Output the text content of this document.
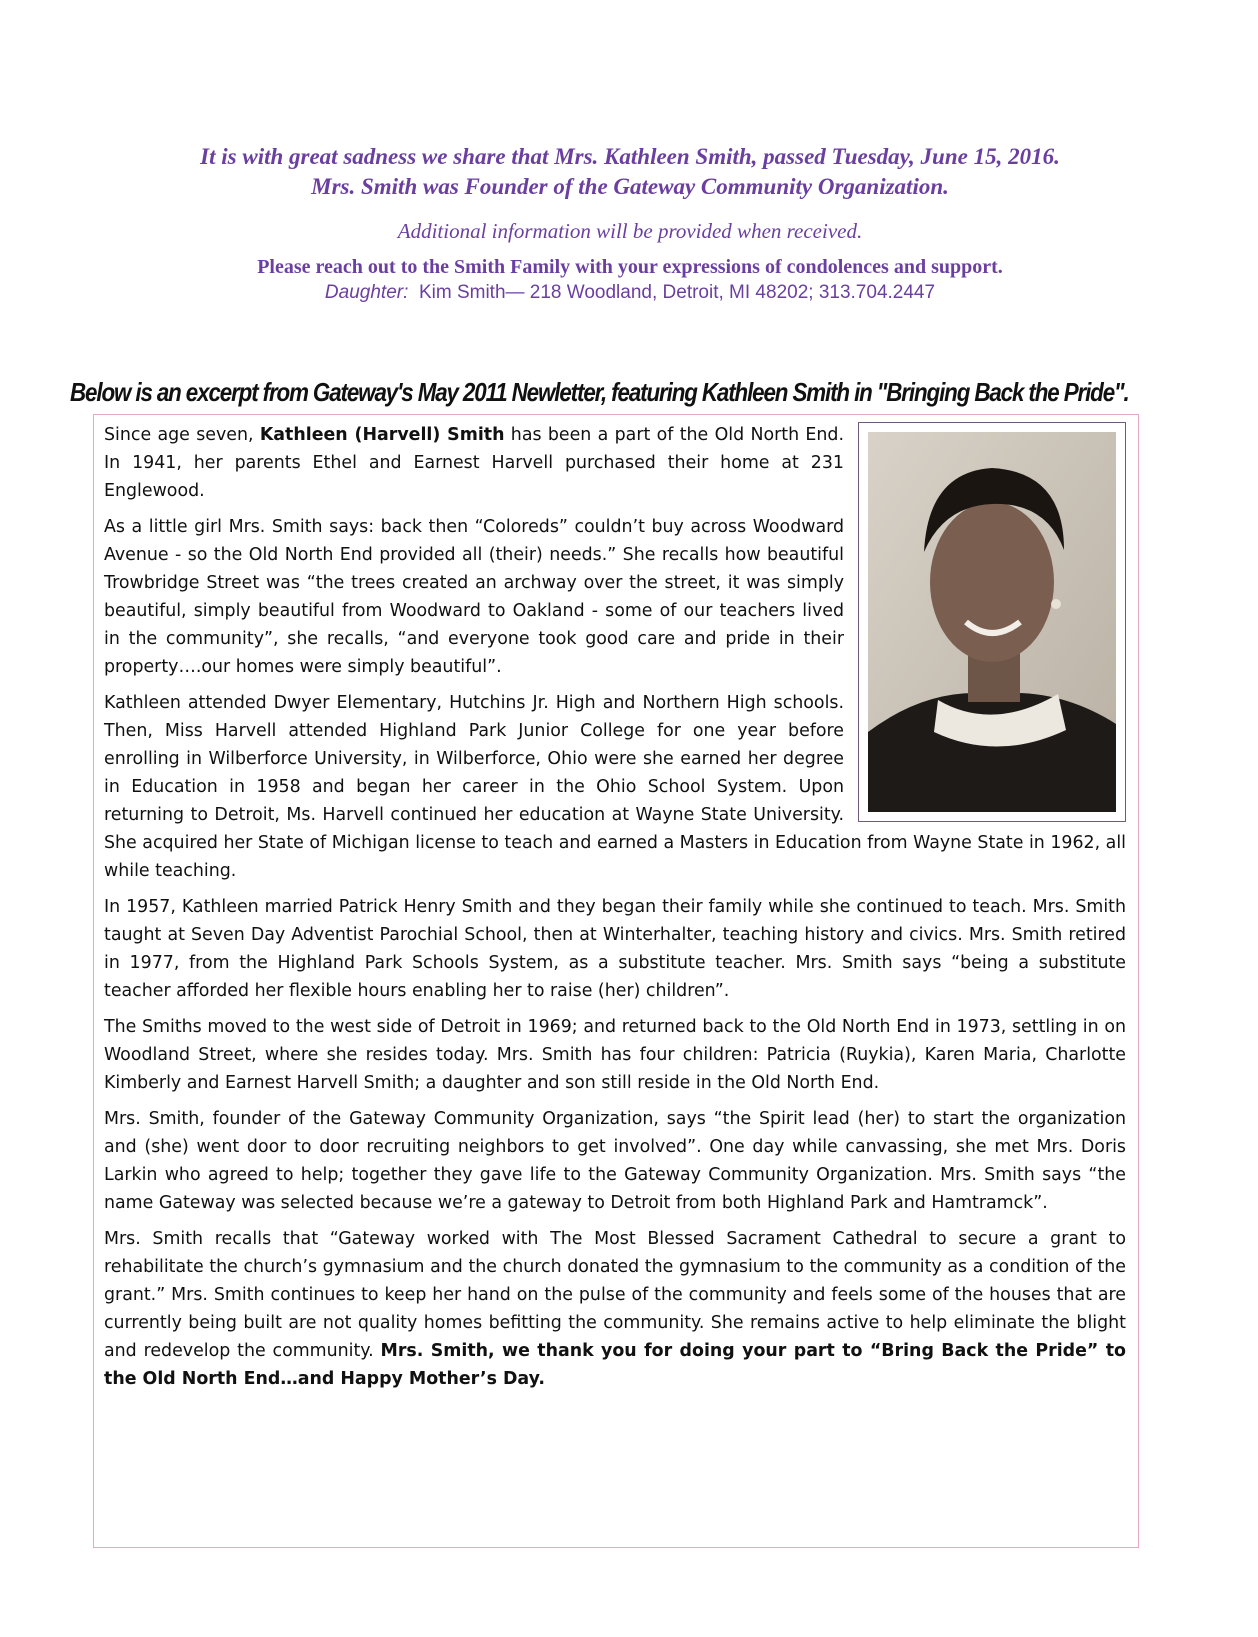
It is with great sadness we share that Mrs. Kathleen Smith, passed Tuesday, June 15, 2016.
Mrs. Smith was Founder of the Gateway Community Organization.
Additional information will be provided when received.
Please reach out to the Smith Family with your expressions of condolences and support.
Daughter: Kim Smith— 218 Woodland, Detroit, MI 48202; 313.704.2447
Below is an excerpt from Gateway's May 2011 Newletter, featuring Kathleen Smith in "Bringing Back the Pride".

Since age seven, Kathleen (Harvell) Smith has been a part of the Old North End. In 1941, her parents Ethel and Earnest Harvell purchased their home at 231 Englewood.

As a little girl Mrs. Smith says: back then “Coloreds” couldn’t buy across Woodward Avenue - so the Old North End provided all (their) needs.” She recalls how beautiful Trowbridge Street was “the trees created an archway over the street, it was simply beautiful, simply beautiful from Woodward to Oakland - some of our teachers lived in the community”, she recalls, “and everyone took good care and pride in their property….our homes were simply beautiful”.

Kathleen attended Dwyer Elementary, Hutchins Jr. High and Northern High schools. Then, Miss Harvell attended Highland Park Junior College for one year before enrolling in Wilberforce University, in Wilberforce, Ohio were she earned her degree in Education in 1958 and began her career in the Ohio School System. Upon returning to Detroit, Ms. Harvell continued her education at Wayne State University. She acquired her State of Michigan license to teach and earned a Masters in Education from Wayne State in 1962, all while teaching.

In 1957, Kathleen married Patrick Henry Smith and they began their family while she continued to teach. Mrs. Smith taught at Seven Day Adventist Parochial School, then at Winterhalter, teaching history and civics. Mrs. Smith retired in 1977, from the Highland Park Schools System, as a substitute teacher. Mrs. Smith says “being a substitute teacher afforded her flexible hours enabling her to raise (her) children”.

The Smiths moved to the west side of Detroit in 1969; and returned back to the Old North End in 1973, settling in on Woodland Street, where she resides today. Mrs. Smith has four children: Patricia (Ruykia), Karen Maria, Charlotte Kimberly and Earnest Harvell Smith; a daughter and son still reside in the Old North End.

Mrs. Smith, founder of the Gateway Community Organization, says “the Spirit lead (her) to start the organization and (she) went door to door recruiting neighbors to get involved”. One day while canvassing, she met Mrs. Doris Larkin who agreed to help; together they gave life to the Gateway Community Organization. Mrs. Smith says “the name Gateway was selected because we’re a gateway to Detroit from both Highland Park and Hamtramck”.

Mrs. Smith recalls that “Gateway worked with The Most Blessed Sacrament Cathedral to secure a grant to rehabilitate the church’s gymnasium and the church donated the gymnasium to the community as a condition of the grant.” Mrs. Smith continues to keep her hand on the pulse of the community and feels some of the houses that are currently being built are not quality homes befitting the community. She remains active to help eliminate the blight and redevelop the community. Mrs. Smith, we thank you for doing your part to “Bring Back the Pride” to the Old North End…and Happy Mother’s Day.
